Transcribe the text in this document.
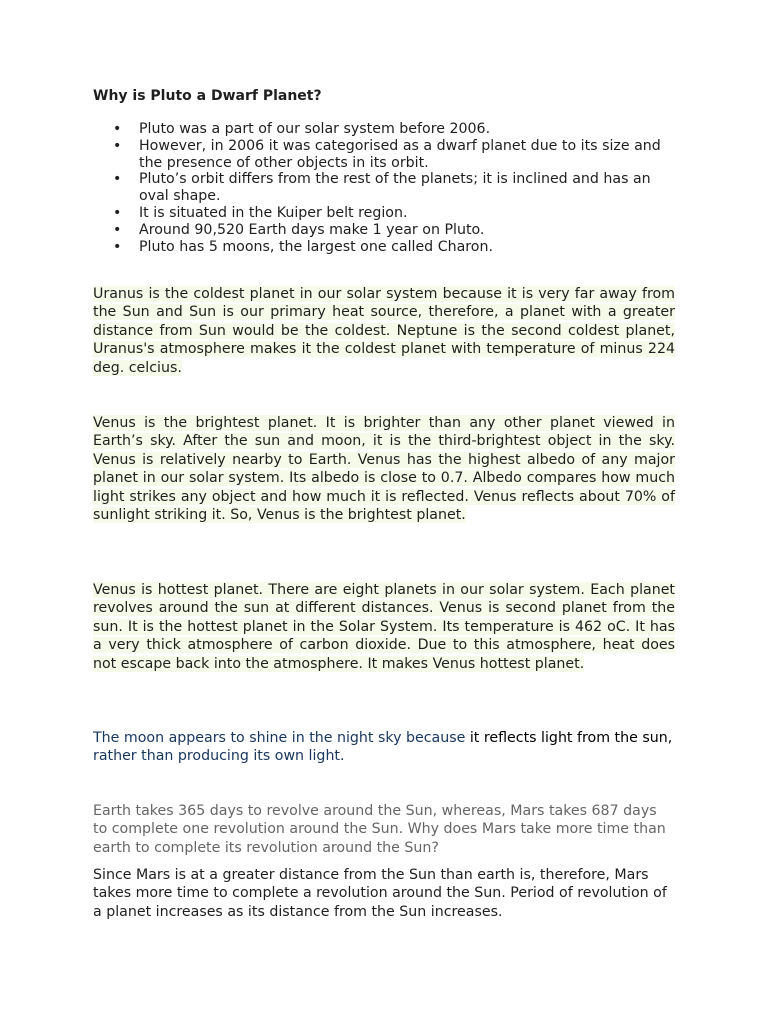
Why is Pluto a Dwarf Planet?
• Pluto was a part of our solar system before 2006.
• However, in 2006 it was categorised as a dwarf planet due to its size and the presence of other objects in its orbit.
• Pluto’s orbit differs from the rest of the planets; it is inclined and has an oval shape.
• It is situated in the Kuiper belt region.
• Around 90,520 Earth days make 1 year on Pluto.
• Pluto has 5 moons, the largest one called Charon.

Uranus is the coldest planet in our solar system because it is very far away from the Sun and Sun is our primary heat source, therefore, a planet with a greater distance from Sun would be the coldest. Neptune is the second coldest planet, Uranus's atmosphere makes it the coldest planet with temperature of minus 224 deg. celcius.

Venus is the brightest planet. It is brighter than any other planet viewed in Earth’s sky. After the sun and moon, it is the third-brightest object in the sky. Venus is relatively nearby to Earth. Venus has the highest albedo of any major planet in our solar system. Its albedo is close to 0.7. Albedo compares how much light strikes any object and how much it is reflected. Venus reflects about 70% of sunlight striking it. So, Venus is the brightest planet.

Venus is hottest planet. There are eight planets in our solar system. Each planet revolves around the sun at different distances. Venus is second planet from the sun. It is the hottest planet in the Solar System. Its temperature is 462 oC. It has a very thick atmosphere of carbon dioxide. Due to this atmosphere, heat does not escape back into the atmosphere. It makes Venus hottest planet.

The moon appears to shine in the night sky because it reflects light from the sun, rather than producing its own light.

Earth takes 365 days to revolve around the Sun, whereas, Mars takes 687 days to complete one revolution around the Sun. Why does Mars take more time than earth to complete its revolution around the Sun?

Since Mars is at a greater distance from the Sun than earth is, therefore, Mars takes more time to complete a revolution around the Sun. Period of revolution of a planet increases as its distance from the Sun increases.
